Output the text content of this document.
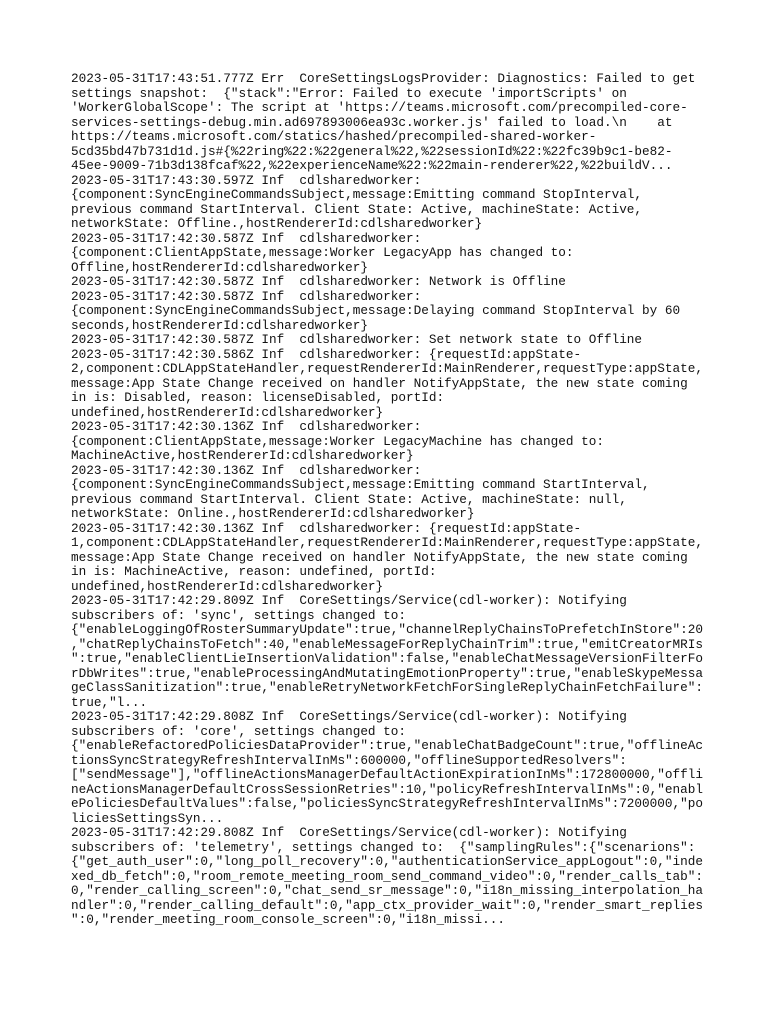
2023-05-31T17:43:51.777Z Err  CoreSettingsLogsProvider: Diagnostics: Failed to get
settings snapshot:  {"stack":"Error: Failed to execute 'importScripts' on
'WorkerGlobalScope': The script at 'https://teams.microsoft.com/precompiled-core-
services-settings-debug.min.ad697893006ea93c.worker.js' failed to load.\n    at
https://teams.microsoft.com/statics/hashed/precompiled-shared-worker-
5cd35bd47b731d1d.js#{%22ring%22:%22general%22,%22sessionId%22:%22fc39b9c1-be82-
45ee-9009-71b3d138fcaf%22,%22experienceName%22:%22main-renderer%22,%22buildV...
2023-05-31T17:43:30.597Z Inf  cdlsharedworker:
{component:SyncEngineCommandsSubject,message:Emitting command StopInterval,
previous command StartInterval. Client State: Active, machineState: Active,
networkState: Offline.,hostRendererId:cdlsharedworker}
2023-05-31T17:42:30.587Z Inf  cdlsharedworker:
{component:ClientAppState,message:Worker LegacyApp has changed to:
Offline,hostRendererId:cdlsharedworker}
2023-05-31T17:42:30.587Z Inf  cdlsharedworker: Network is Offline
2023-05-31T17:42:30.587Z Inf  cdlsharedworker:
{component:SyncEngineCommandsSubject,message:Delaying command StopInterval by 60
seconds,hostRendererId:cdlsharedworker}
2023-05-31T17:42:30.587Z Inf  cdlsharedworker: Set network state to Offline
2023-05-31T17:42:30.586Z Inf  cdlsharedworker: {requestId:appState-
2,component:CDLAppStateHandler,requestRendererId:MainRenderer,requestType:appState,
message:App State Change received on handler NotifyAppState, the new state coming
in is: Disabled, reason: licenseDisabled, portId:
undefined,hostRendererId:cdlsharedworker}
2023-05-31T17:42:30.136Z Inf  cdlsharedworker:
{component:ClientAppState,message:Worker LegacyMachine has changed to:
MachineActive,hostRendererId:cdlsharedworker}
2023-05-31T17:42:30.136Z Inf  cdlsharedworker:
{component:SyncEngineCommandsSubject,message:Emitting command StartInterval,
previous command StartInterval. Client State: Active, machineState: null,
networkState: Online.,hostRendererId:cdlsharedworker}
2023-05-31T17:42:30.136Z Inf  cdlsharedworker: {requestId:appState-
1,component:CDLAppStateHandler,requestRendererId:MainRenderer,requestType:appState,
message:App State Change received on handler NotifyAppState, the new state coming
in is: MachineActive, reason: undefined, portId:
undefined,hostRendererId:cdlsharedworker}
2023-05-31T17:42:29.809Z Inf  CoreSettings/Service(cdl-worker): Notifying
subscribers of: 'sync', settings changed to:
{"enableLoggingOfRosterSummaryUpdate":true,"channelReplyChainsToPrefetchInStore":20
,"chatReplyChainsToFetch":40,"enableMessageForReplyChainTrim":true,"emitCreatorMRIs
":true,"enableClientLieInsertionValidation":false,"enableChatMessageVersionFilterFo
rDbWrites":true,"enableProcessingAndMutatingEmotionProperty":true,"enableSkypeMessa
geClassSanitization":true,"enableRetryNetworkFetchForSingleReplyChainFetchFailure":
true,"l...
2023-05-31T17:42:29.808Z Inf  CoreSettings/Service(cdl-worker): Notifying
subscribers of: 'core', settings changed to:
{"enableRefactoredPoliciesDataProvider":true,"enableChatBadgeCount":true,"offlineAc
tionsSyncStrategyRefreshIntervalInMs":600000,"offlineSupportedResolvers":
["sendMessage"],"offlineActionsManagerDefaultActionExpirationInMs":172800000,"offli
neActionsManagerDefaultCrossSessionRetries":10,"policyRefreshIntervalInMs":0,"enabl
ePoliciesDefaultValues":false,"policiesSyncStrategyRefreshIntervalInMs":7200000,"po
liciesSettingsSyn...
2023-05-31T17:42:29.808Z Inf  CoreSettings/Service(cdl-worker): Notifying
subscribers of: 'telemetry', settings changed to:  {"samplingRules":{"scenarions":
{"get_auth_user":0,"long_poll_recovery":0,"authenticationService_appLogout":0,"inde
xed_db_fetch":0,"room_remote_meeting_room_send_command_video":0,"render_calls_tab":
0,"render_calling_screen":0,"chat_send_sr_message":0,"i18n_missing_interpolation_ha
ndler":0,"render_calling_default":0,"app_ctx_provider_wait":0,"render_smart_replies
":0,"render_meeting_room_console_screen":0,"i18n_missi...
